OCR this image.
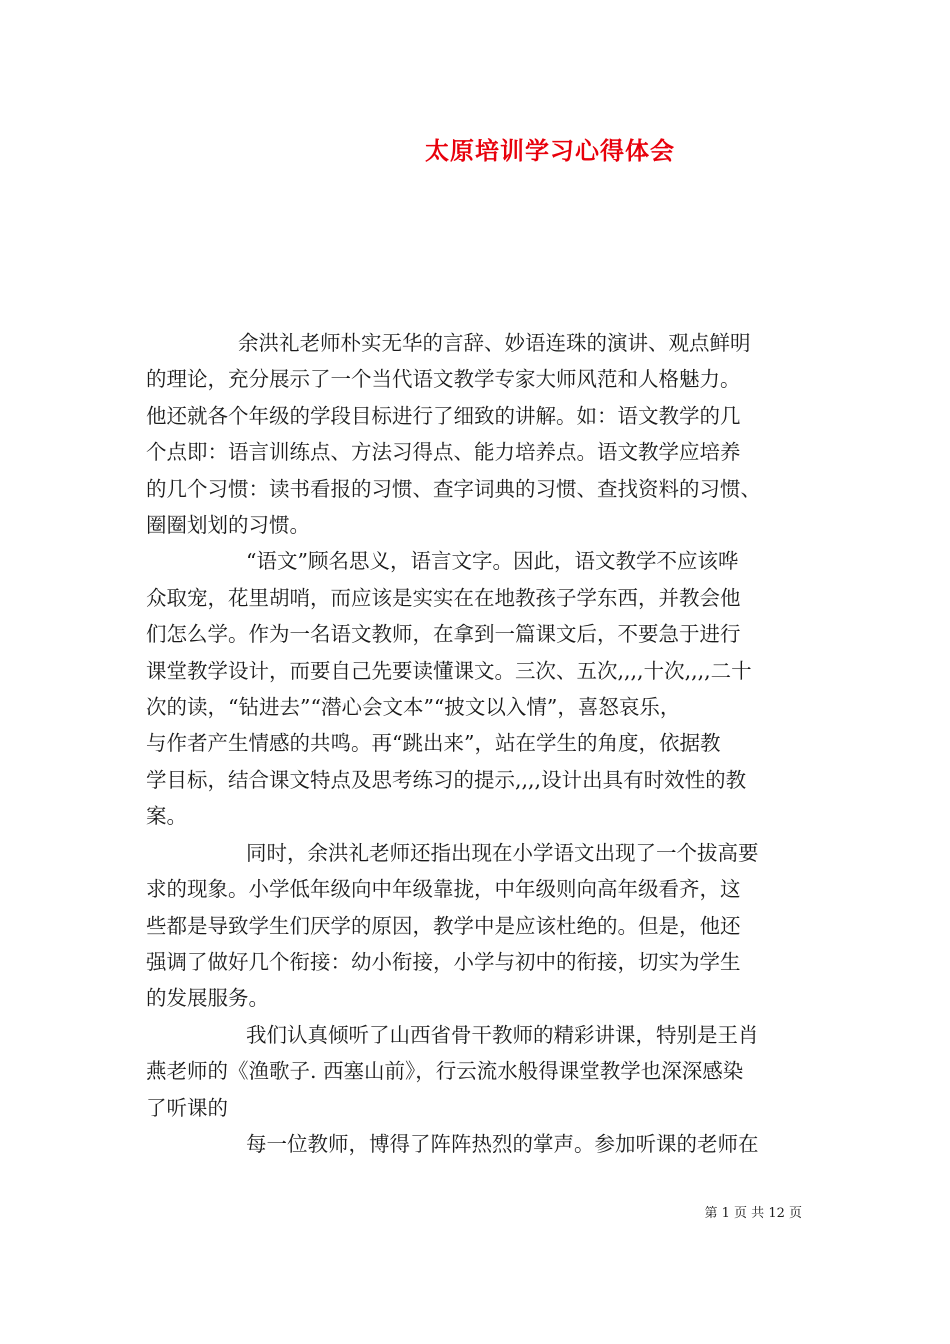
太原培训学习心得体会

余洪礼老师朴实无华的言辞、妙语连珠的演讲、观点鲜明
的理论，充分展示了一个当代语文教学专家大师风范和人格魅力。
他还就各个年级的学段目标进行了细致的讲解。如：语文教学的几
个点即：语言训练点、方法习得点、能力培养点。语文教学应培养
的几个习惯：读书看报的习惯、查字词典的习惯、查找资料的习惯、
圈圈划划的习惯。

“语文”顾名思义，语言文字。因此，语文教学不应该哗
众取宠，花里胡哨，而应该是实实在在地教孩子学东西，并教会他
们怎么学。作为一名语文教师，在拿到一篇课文后，不要急于进行
课堂教学设计，而要自己先要读懂课文。三次、五次,,,,十次,,,,二十
次的读，“钻进去”“潜心会文本”“披文以入情”，喜怒哀乐，
与作者产生情感的共鸣。再“跳出来”，站在学生的角度，依据教
学目标，结合课文特点及思考练习的提示,,,,设计出具有时效性的教
案。

同时，余洪礼老师还指出现在小学语文出现了一个拔高要
求的现象。小学低年级向中年级靠拢，中年级则向高年级看齐，这
些都是导致学生们厌学的原因，教学中是应该杜绝的。但是，他还
强调了做好几个衔接：幼小衔接，小学与初中的衔接，切实为学生
的发展服务。

我们认真倾听了山西省骨干教师的精彩讲课，特别是王肖
燕老师的《渔歌子. 西塞山前》，行云流水般得课堂教学也深深感染
了听课的

每一位教师，博得了阵阵热烈的掌声。参加听课的老师在

第 1 页 共 12 页
